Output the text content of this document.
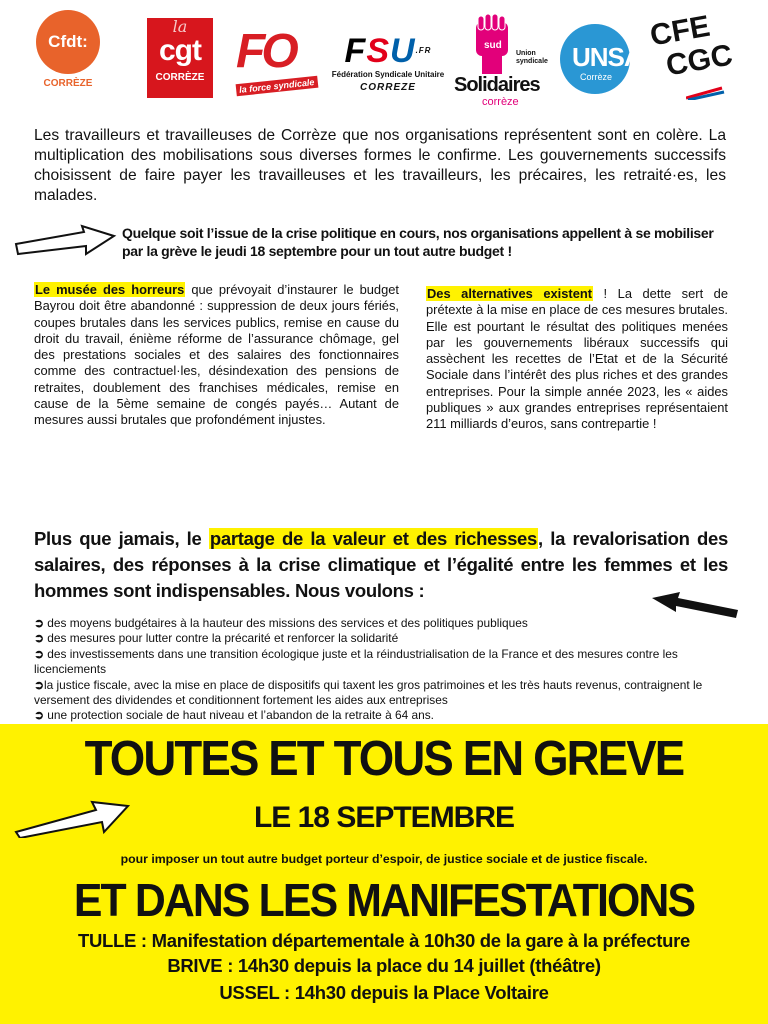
Cfdt:
CORRÈZE
la
cgt
CORRÈZE FO
la force syndicale
$FSU^{.FR}$
Fédération Syndicale Unitaire
CORREZE
sud
Union syndicale
Solidaires
corrèze
UNSA
Corrèze
CFE
CGC
Les travailleurs et travailleuses de Corrèze que nos organisations représentent sont en colère. La multiplication des mobilisations sous diverses formes le confirme. Les gouvernements successifs choisissent de faire payer les travailleuses et les travailleurs, les précaires, les retraité·es, les malades.
Quelque soit l’issue de la crise politique en cours, nos organisations appellent à se mobiliser par la grève le jeudi 18 septembre pour un tout autre budget !
Le musée des horreurs que prévoyait d’instaurer le budget Bayrou doit être abandonné : suppression de deux jours fériés, coupes brutales dans les services publics, remise en cause du droit du travail, énième réforme de l’assurance chômage, gel des prestations sociales et des salaires des fonctionnaires comme des contractuel·les, désindexation des pensions de retraites, doublement des franchises médicales, remise en cause de la 5ème semaine de congés payés… Autant de mesures aussi brutales que profondément injustes.
Des alternatives existent ! La dette sert de prétexte à la mise en place de ces mesures brutales. Elle est pourtant le résultat des politiques menées par les gouvernements libéraux successifs qui assèchent les recettes de l’Etat et de la Sécurité Sociale dans l’intérêt des plus riches et des grandes entreprises. Pour la simple année 2023, les « aides publiques » aux grandes entreprises représentaient 211 milliards d’euros, sans contrepartie !
Plus que jamais, le partage de la valeur et des richesses, la revalorisation des salaires, des réponses à la crise climatique et l’égalité entre les femmes et les hommes sont indispensables. Nous voulons :
➲ des moyens budgétaires à la hauteur des missions des services et des politiques publiques
➲ des mesures pour lutter contre la précarité et renforcer la solidarité
➲ des investissements dans une transition écologique juste et la réindustrialisation de la France et des mesures contre les licenciements
➲la justice fiscale, avec la mise en place de dispositifs qui taxent les gros patrimoines et les très hauts revenus, contraignent le versement des dividendes et conditionnent fortement les aides aux entreprises
➲ une protection sociale de haut niveau et l’abandon de la retraite à 64 ans.
TOUTES ET TOUS EN GREVE
LE 18 SEPTEMBRE
pour imposer un tout autre budget porteur d’espoir, de justice sociale et de justice fiscale.
ET DANS LES MANIFESTATIONS
TULLE : Manifestation départementale à 10h30 de la gare à la préfecture
BRIVE : 14h30 depuis la place du 14 juillet (théâtre)
USSEL : 14h30 depuis la Place Voltaire
